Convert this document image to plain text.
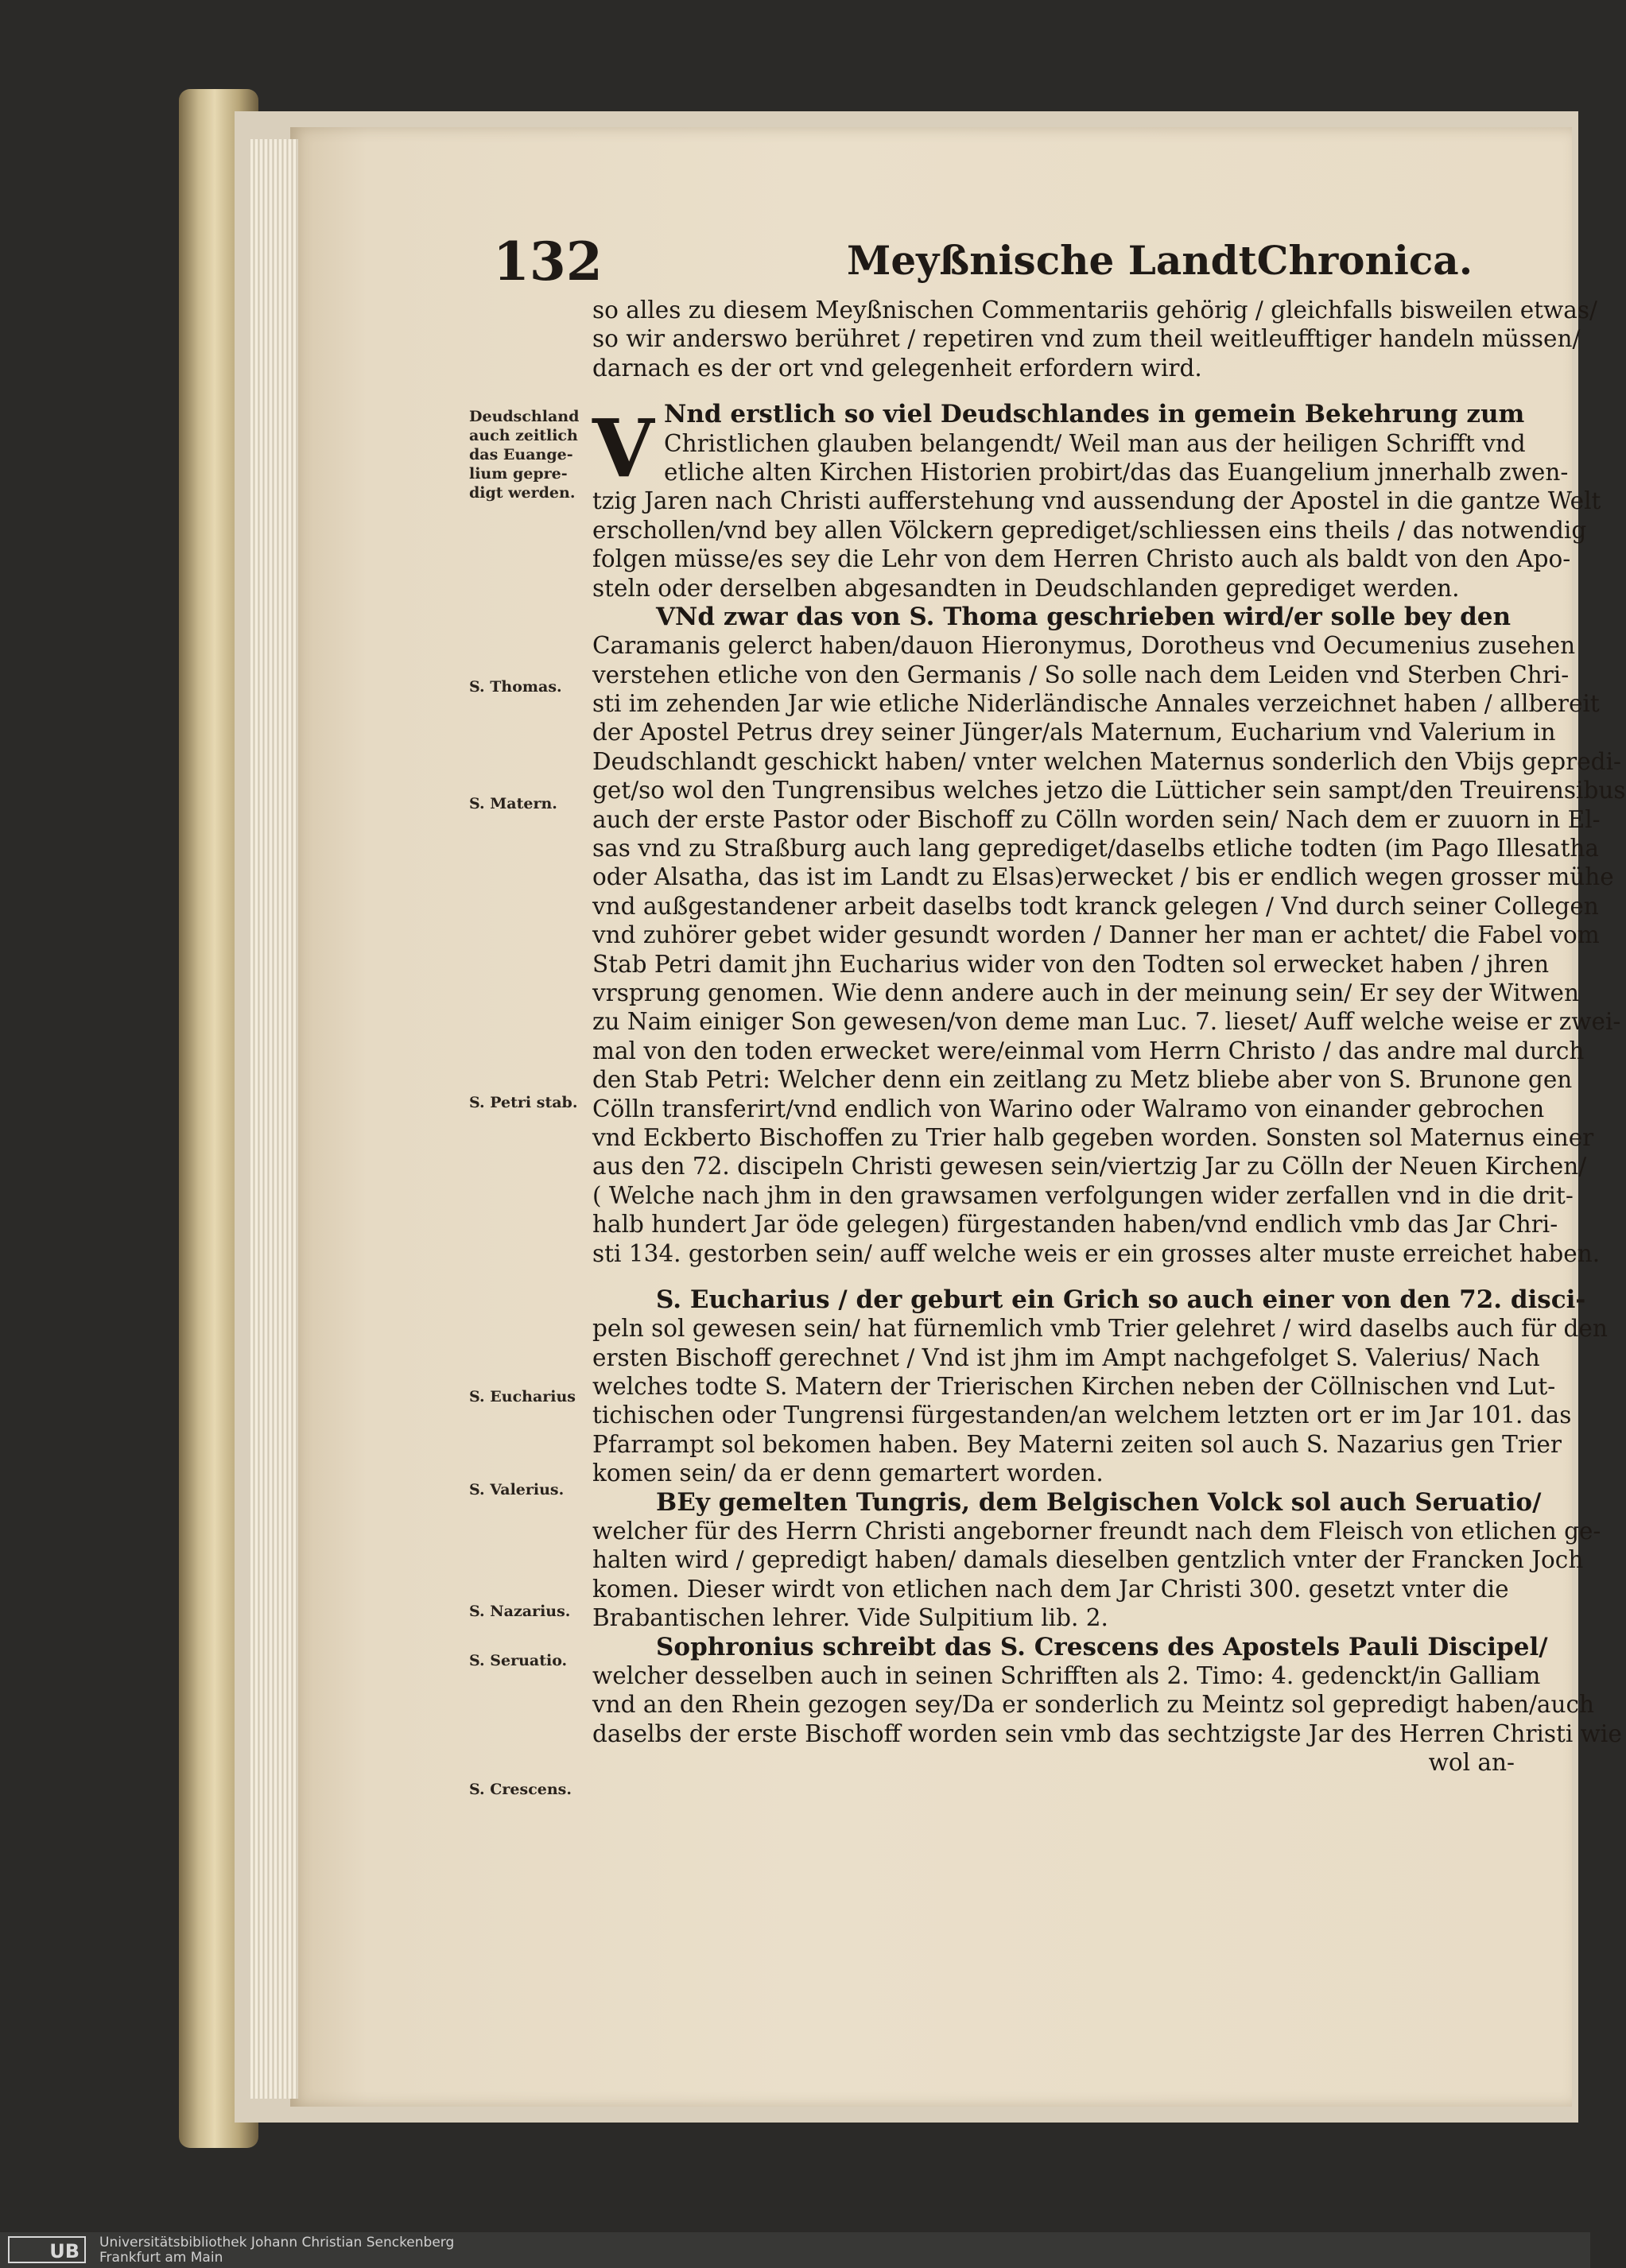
132	Meyßnische LandtChronica.
V
so alles zu diesem Meyßnischen Commentariis gehörig / gleichfalls bisweilen etwas/
so wir anderswo berühret / repetiren vnd zum theil weitleufftiger handeln müssen/
darnach es der ort vnd gelegenheit erfordern wird.
Nnd erstlich so viel Deudschlandes in gemein Bekehrung zum
Christlichen glauben belangendt/ Weil man aus der heiligen Schrifft vnd
etliche alten Kirchen Historien probirt/das das Euangelium jnnerhalb zwen-
tzig Jaren nach Christi aufferstehung vnd aussendung der Apostel in die gantze Welt
erschollen/vnd bey allen Völckern geprediget/schliessen eins theils / das notwendig
folgen müsse/es sey die Lehr von dem Herren Christo auch als baldt von den Apo-
steln oder derselben abgesandten in Deudschlanden geprediget werden.
VNd zwar das von S. Thoma geschrieben wird/er solle bey den
Caramanis gelerct haben/dauon Hieronymus, Dorotheus vnd Oecumenius zusehen
verstehen etliche von den Germanis / So solle nach dem Leiden vnd Sterben Chri-
sti im zehenden Jar wie etliche Niderländische Annales verzeichnet haben / allbereit
der Apostel Petrus drey seiner Jünger/als Maternum, Eucharium vnd Valerium in
Deudschlandt geschickt haben/ vnter welchen Maternus sonderlich den Vbijs gepredi-
get/so wol den Tungrensibus welches jetzo die Lütticher sein sampt/den Treuirensibus
auch der erste Pastor oder Bischoff zu Cölln worden sein/ Nach dem er zuuorn in El-
sas vnd zu Straßburg auch lang geprediget/daselbs etliche todten (im Pago Illesatha
oder Alsatha, das ist im Landt zu Elsas)erwecket / bis er endlich wegen grosser mühe
vnd außgestandener arbeit daselbs todt kranck gelegen / Vnd durch seiner Collegen
vnd zuhörer gebet wider gesundt worden / Danner her man er achtet/ die Fabel vom
Stab Petri damit jhn Eucharius wider von den Todten sol erwecket haben / jhren
vrsprung genomen. Wie denn andere auch in der meinung sein/ Er sey der Witwen
zu Naim einiger Son gewesen/von deme man Luc. 7. lieset/ Auff welche weise er zwei-
mal von den toden erwecket were/einmal vom Herrn Christo / das andre mal durch
den Stab Petri: Welcher denn ein zeitlang zu Metz bliebe aber von S. Brunone gen
Cölln transferirt/vnd endlich von Warino oder Walramo von einander gebrochen
vnd Eckberto Bischoffen zu Trier halb gegeben worden. Sonsten sol Maternus einer
aus den 72. discipeln Christi gewesen sein/viertzig Jar zu Cölln der Neuen Kirchen/
( Welche nach jhm in den grawsamen verfolgungen wider zerfallen vnd in die drit-
halb hundert Jar öde gelegen) fürgestanden haben/vnd endlich vmb das Jar Chri-
sti 134. gestorben sein/ auff welche weis er ein grosses alter muste erreichet haben.
S. Eucharius / der geburt ein Grich so auch einer von den 72. disci-
peln sol gewesen sein/ hat fürnemlich vmb Trier gelehret / wird daselbs auch für den
ersten Bischoff gerechnet / Vnd ist jhm im Ampt nachgefolget S. Valerius/ Nach
welches todte S. Matern der Trierischen Kirchen neben der Cöllnischen vnd Lut-
tichischen oder Tungrensi fürgestanden/an welchem letzten ort er im Jar 101. das
Pfarrampt sol bekomen haben. Bey Materni zeiten sol auch S. Nazarius gen Trier
komen sein/ da er denn gemartert worden.
BEy gemelten Tungris, dem Belgischen Volck sol auch Seruatio/
welcher für des Herrn Christi angeborner freundt nach dem Fleisch von etlichen ge-
halten wird / gepredigt haben/ damals dieselben gentzlich vnter der Francken Joch
komen. Dieser wirdt von etlichen nach dem Jar Christi 300. gesetzt vnter die
Brabantischen lehrer. Vide Sulpitium lib. 2.
Sophronius schreibt das S. Crescens des Apostels Pauli Discipel/
welcher desselben auch in seinen Schrifften als 2. Timo: 4. gedenckt/in Galliam
vnd an den Rhein gezogen sey/Da er sonderlich zu Meintz sol gepredigt haben/auch
daselbs der erste Bischoff worden sein vmb das sechtzigste Jar des Herren Christi wie
wol an-
Deudschland
auch zeitlich
das Euange-
lium gepre-
digt werden.
S. Thomas.
S. Matern.
S. Petri stab.
S. Eucharius
S. Valerius.
S. Nazarius.
S. Seruatio.
S. Crescens.
UB	Universitätsbibliothek Johann Christian Senckenberg
Frankfurt am Main
